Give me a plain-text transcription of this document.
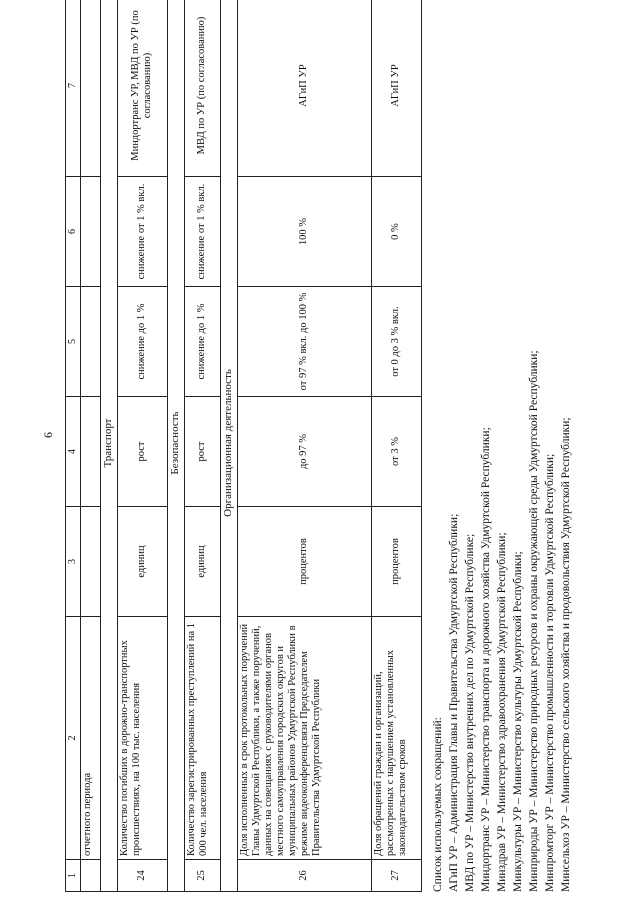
6
1	2	3	4	5	6	7
	отчетного периода					
Транспорт						
24	Количество погибших в дорожно-транспортных происшествиях, на 100 тыс. населения	единиц	рост	снижение до 1 %	снижение от 1 % вкл.	Миндортранс УР, МВД по УР (по согласованию)
Безопасность						
25	Количество зарегистрированных преступлений на 1 000 чел. населения	единиц	рост	снижение до 1 %	снижение от 1 % вкл.	МВД по УР (по согласованию)
Организационная деятельность						
26	Доля исполненных в срок протокольных поручений Главы Удмуртской Республики, а также поручений, данных на совещаниях с руководителями органов местного самоуправления городских округов и муниципальных районов Удмуртской Республики в режиме видеоконференцсвязи Председателем Правительства Удмуртской Республики	процентов	до 97 %	от 97 % вкл. до 100 %	100 %	АГиП УР
27	Доля обращений граждан и организаций, рассмотренных с нарушением установленных законодательством сроков	процентов	от 3 %	от 0 до 3 % вкл.	0 %	АГиП УР
Список используемых сокращений: АГиП УР – Администрация Главы и Правительства Удмуртской Республики; МВД по УР – Министерство внутренних дел по Удмуртской Республике; Миндортранс УР – Министерство транспорта и дорожного хозяйства Удмуртской Республики; Минздрав УР – Министерство здравоохранения Удмуртской Республики; Минкультуры УР – Министерство культуры Удмуртской Республики; Минприроды УР – Министерство природных ресурсов и охраны окружающей среды Удмуртской Республики; Минпромторг УР – Министерство промышленности и торговли Удмуртской Республики; Минсельхоз УР – Министерство сельского хозяйства и продовольствия Удмуртской Республики;
